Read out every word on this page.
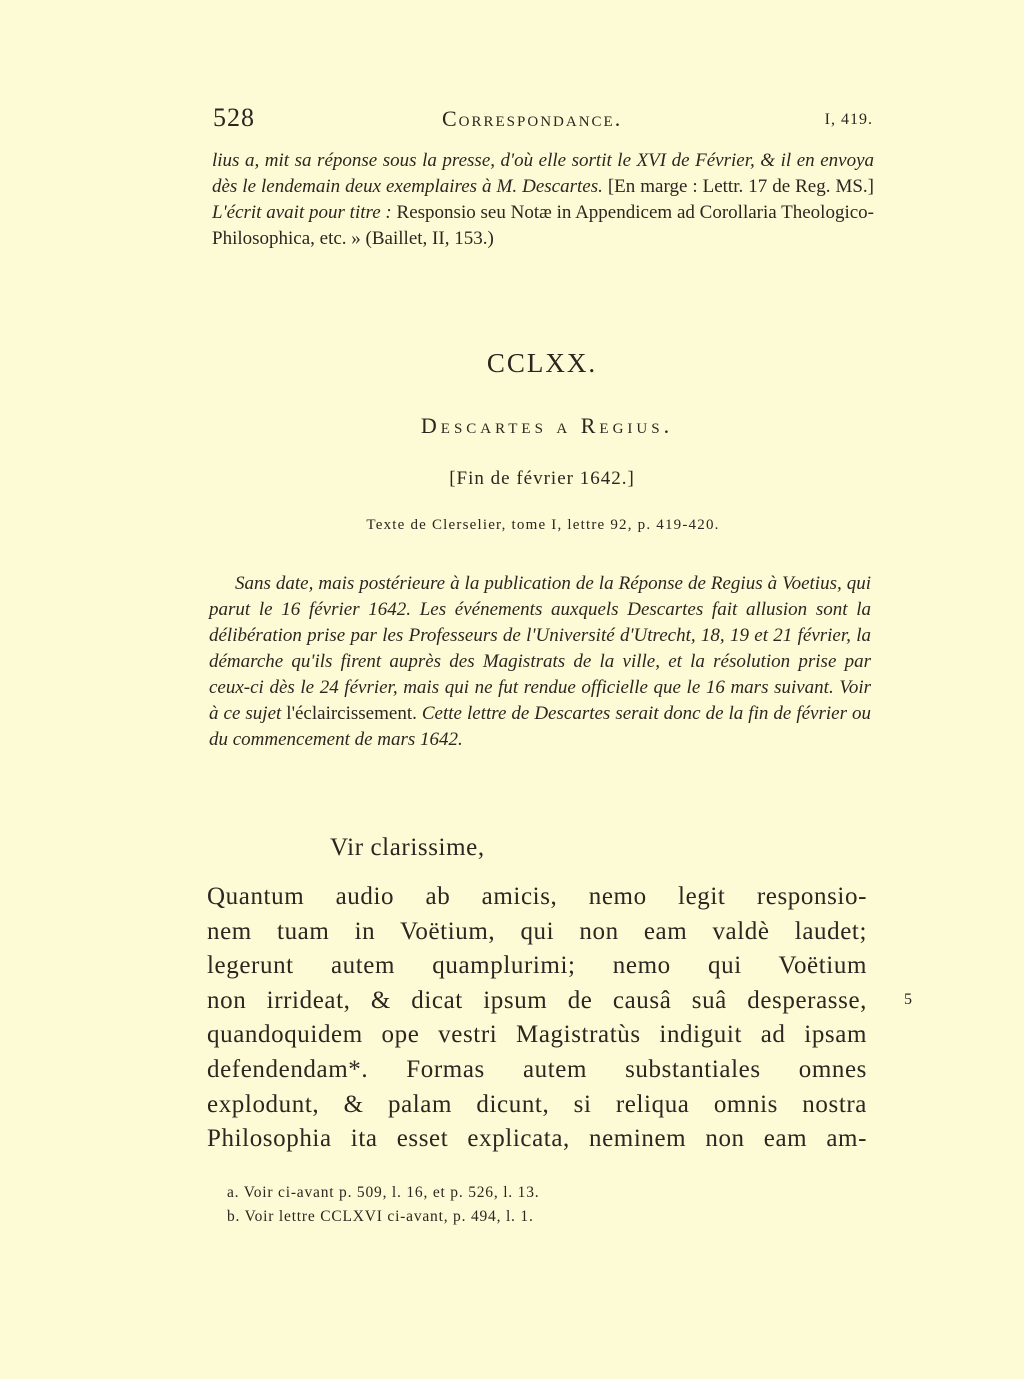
528	Correspondance.	I, 419.
lius a, mit sa réponse sous la presse, d'où elle sortit le XVI de Février, & il en envoya dès le lendemain deux exemplaires à M. Descartes. [En marge : Lettr. 17 de Reg. MS.] L'écrit avait pour titre : Responsio seu Notæ in Appendicem ad Corollaria Theologico-Philosophica, etc. » (Baillet, II, 153.)
CCLXX.
Descartes a Regius.
[Fin de février 1642.]
Texte de Clerselier, tome I, lettre 92, p. 419-420.
Sans date, mais postérieure à la publication de la Réponse de Regius à Voetius, qui parut le 16 février 1642. Les événements auxquels Descartes fait allusion sont la délibération prise par les Professeurs de l'Université d'Utrecht, 18, 19 et 21 février, la démarche qu'ils firent auprès des Magistrats de la ville, et la résolution prise par ceux-ci dès le 24 février, mais qui ne fut rendue officielle que le 16 mars suivant. Voir à ce sujet l'éclaircissement. Cette lettre de Descartes serait donc de la fin de février ou du commencement de mars 1642.
Vir clarissime,
Quantum audio ab amicis, nemo legit responsio-
nem tuam in Voëtium, qui non eam valdè laudet;
legerunt autem quamplurimi; nemo qui Voëtium
non irrideat, & dicat ipsum de causâ suâ desperasse,
quandoquidem ope vestri Magistratùs indiguit ad ipsam
defendendam*. Formas autem substantiales omnes
explodunt, & palam dicunt, si reliqua omnis nostra
Philosophia ita esset explicata, neminem non eam am-
5
a. Voir ci-avant p. 509, l. 16, et p. 526, l. 13.
b. Voir lettre CCLXVI ci-avant, p. 494, l. 1.
